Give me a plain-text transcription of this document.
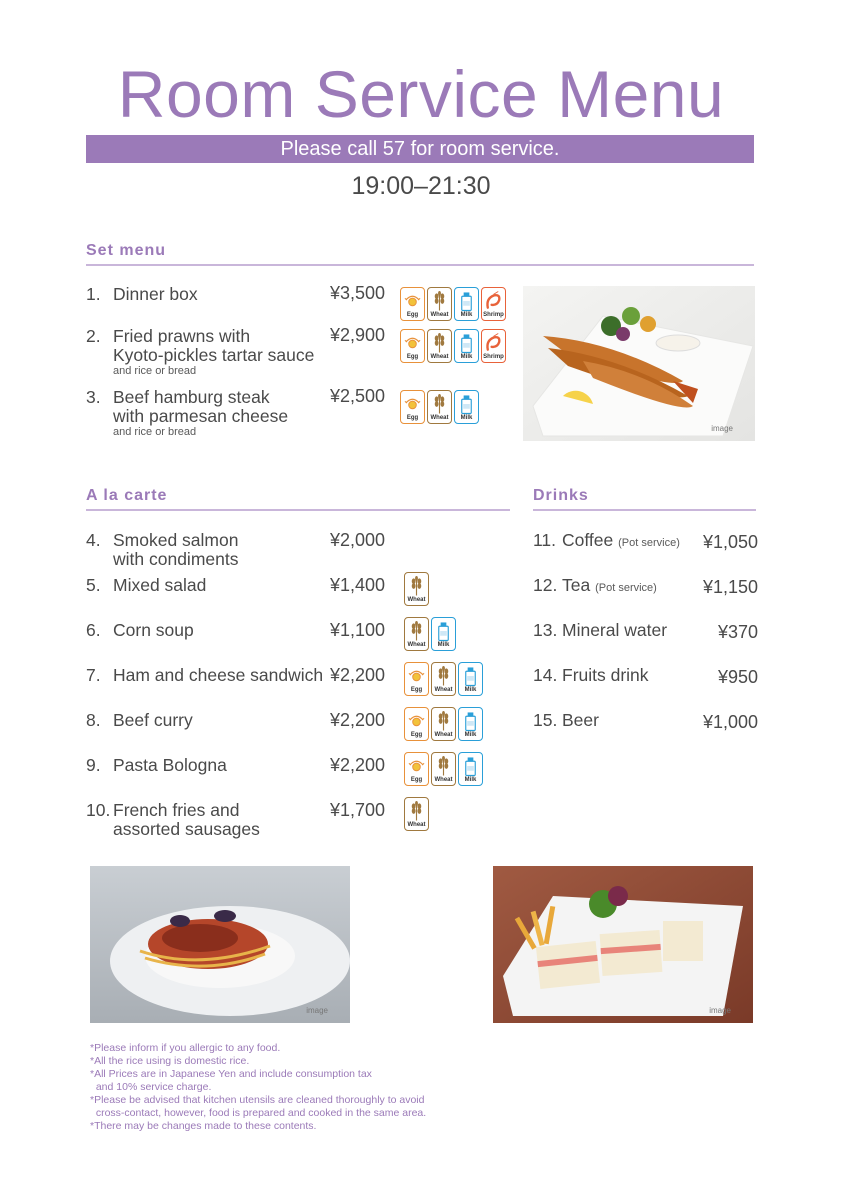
Room Service Menu
Please call 57 for room service.
19:00–21:30
Set menu
1. Dinner box	¥3,500
Egg	Wheat	Milk	Shrimp
2. Fried prawns with
Kyoto-pickles tartar sauce
and rice or bread
¥2,900
Egg	Wheat	Milk	Shrimp
3. Beef hamburg steak
with parmesan cheese
and rice or bread
¥2,500
Egg	Wheat	Milk
image
A la carte
4. Smoked salmon
with condiments
¥2,000
5. Mixed salad	¥1,400
Wheat
6. Corn soup	¥1,100
Wheat	Milk
7. Ham and cheese sandwich ¥2,200
Egg	Wheat	Milk
8. Beef curry	¥2,200
Egg	Wheat	Milk
9. Pasta Bologna	¥2,200
Egg	Wheat	Milk
10. French fries and
assorted sausages
¥1,700
Wheat
Drinks
11. Coffee (Pot service)	¥1,050
12. Tea (Pot service)	¥1,150
13. Mineral water	¥370
14. Fruits drink	¥950
15. Beer	¥1,000
image	image
*Please inform if you allergic to any food.
*All the rice using is domestic rice.
*All Prices are in Japanese Yen and include consumption tax
and 10% service charge.
*Please be advised that kitchen utensils are cleaned thoroughly to avoid
cross-contact, however, food is prepared and cooked in the same area.
*There may be changes made to these contents.
